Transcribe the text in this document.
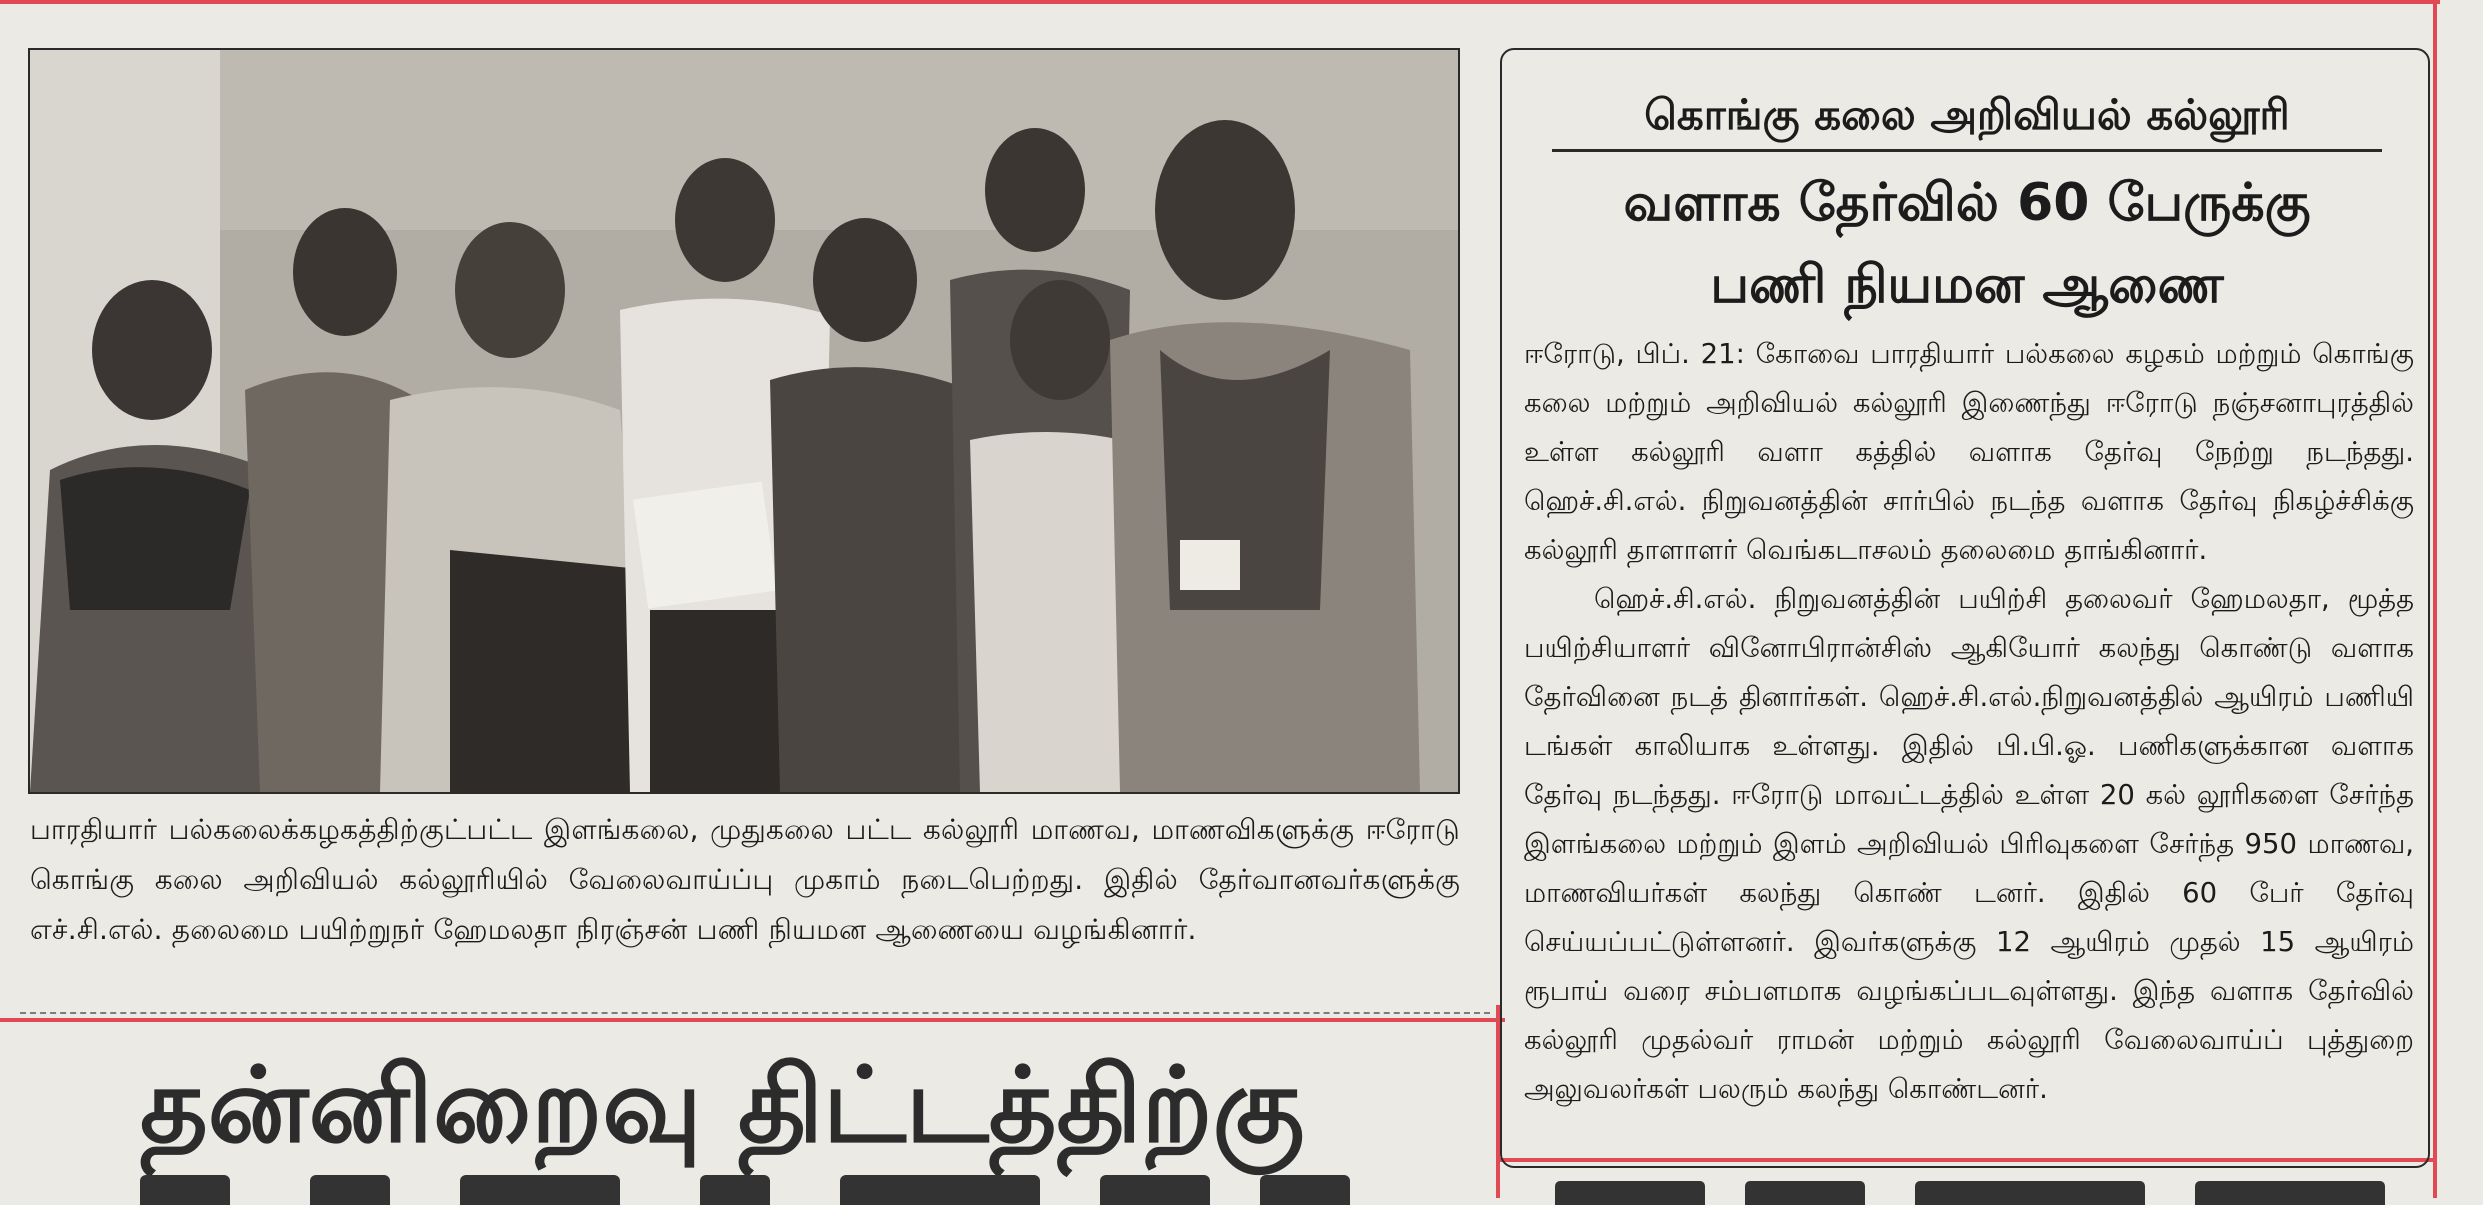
பாரதியார் பல்கலைக்கழகத்திற்குட்பட்ட இளங்கலை, முதுகலை பட்ட கல்லூரி மாணவ, மாணவிகளுக்கு ஈரோடு கொங்கு கலை அறிவியல் கல்லூரியில் வேலைவாய்ப்பு முகாம் நடைபெற்றது. இதில் தேர்வானவர்களுக்கு எச்.சி.எல். தலைமை பயிற்றுநர் ஹேமலதா நிரஞ்சன் பணி நியமன ஆணையை வழங்கினார்.
தன்னிறைவு திட்டத்திற்கு
கொங்கு கலை அறிவியல் கல்லூரி
வளாக தேர்வில் 60 பேருக்கு
பணி நியமன ஆணை

ஈரோடு, பிப். 21: கோவை பாரதியார் பல்கலை கழகம் மற்றும் கொங்கு கலை மற்றும் அறிவியல் கல்லூரி இணைந்து ஈரோடு நஞ்சனாபுரத்தில் உள்ள கல்லூரி வளா கத்தில் வளாக தேர்வு நேற்று நடந்தது. ஹெச்.சி.எல். நிறுவனத்தின் சார்பில் நடந்த வளாக தேர்வு நிகழ்ச்சிக்கு கல்லூரி தாளாளர் வெங்கடாசலம் தலைமை தாங்கினார்.

ஹெச்.சி.எல். நிறுவனத்தின் பயிற்சி தலைவர் ஹேமலதா, மூத்த பயிற்சியாளர் வினோபிரான்சிஸ் ஆகியோர் கலந்து கொண்டு வளாக தேர்வினை நடத் தினார்கள். ஹெச்.சி.எல்.நிறுவனத்தில் ஆயிரம் பணியி டங்கள் காலியாக உள்ளது. இதில் பி.பி.ஓ. பணிகளுக்கான வளாக தேர்வு நடந்தது. ஈரோடு மாவட்டத்தில் உள்ள 20 கல் லூரிகளை சேர்ந்த இளங்கலை மற்றும் இளம் அறிவியல் பிரிவுகளை சேர்ந்த 950 மாணவ, மாணவியர்கள் கலந்து கொண் டனர். இதில் 60 பேர் தேர்வு செய்யப்பட்டுள்ளனர். இவர்களுக்கு 12 ஆயிரம் முதல் 15 ஆயிரம் ரூபாய் வரை சம்பளமாக வழங்கப்படவுள்ளது. இந்த வளாக தேர்வில் கல்லூரி முதல்வர் ராமன் மற்றும் கல்லூரி வேலைவாய்ப் புத்துறை அலுவலர்கள் பலரும் கலந்து கொண்டனர்.
